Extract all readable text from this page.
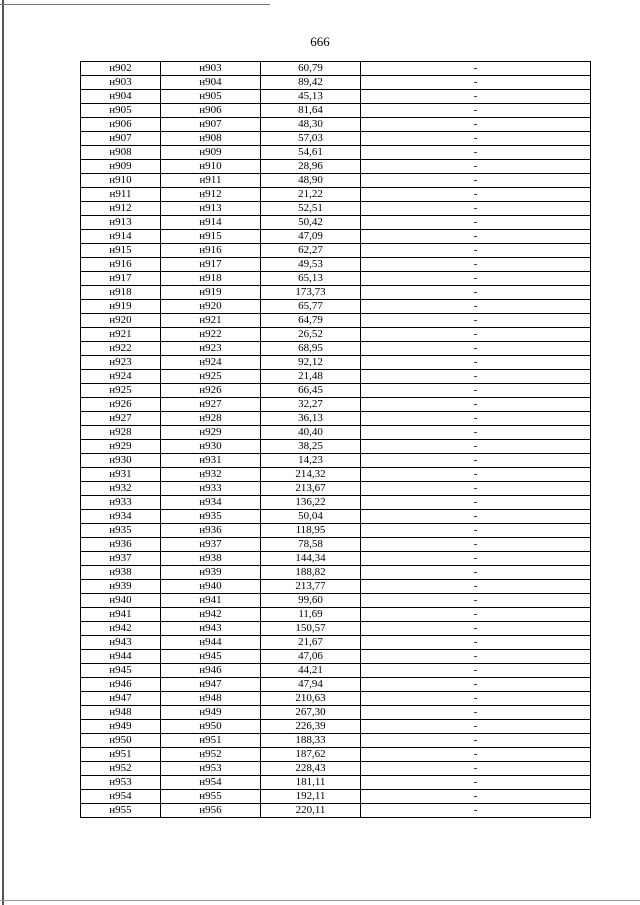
666
н902	н903	60,79	-
н903	н904	89,42	-
н904	н905	45,13	-
н905	н906	81,64	-
н906	н907	48,30	-
н907	н908	57,03	-
н908	н909	54,61	-
н909	н910	28,96	-
н910	н911	48,90	-
н911	н912	21,22	-
н912	н913	52,51	-
н913	н914	50,42	-
н914	н915	47,09	-
н915	н916	62,27	-
н916	н917	49,53	-
н917	н918	65,13	-
н918	н919	173,73	-
н919	н920	65,77	-
н920	н921	64,79	-
н921	н922	26,52	-
н922	н923	68,95	-
н923	н924	92,12	-
н924	н925	21,48	-
н925	н926	66,45	-
н926	н927	32,27	-
н927	н928	36,13	-
н928	н929	40,40	-
н929	н930	38,25	-
н930	н931	14,23	-
н931	н932	214,32	-
н932	н933	213,67	-
н933	н934	136,22	-
н934	н935	50,04	-
н935	н936	118,95	-
н936	н937	78,58	-
н937	н938	144,34	-
н938	н939	188,82	-
н939	н940	213,77	-
н940	н941	99,60	-
н941	н942	11,69	-
н942	н943	150,57	-
н943	н944	21,67	-
н944	н945	47,06	-
н945	н946	44,21	-
н946	н947	47,94	-
н947	н948	210,63	-
н948	н949	267,30	-
н949	н950	226,39	-
н950	н951	188,33	-
н951	н952	187,62	-
н952	н953	228,43	-
н953	н954	181,11	-
н954	н955	192,11	-
н955	н956	220,11	-
